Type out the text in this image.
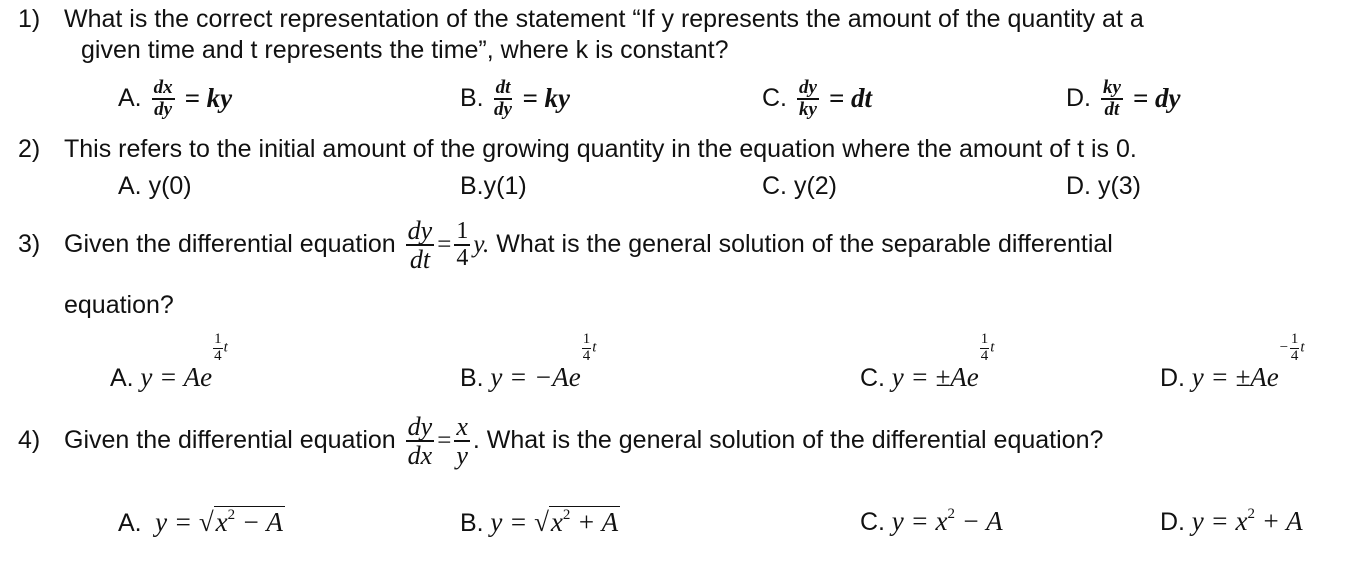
1) What is the correct representation of the statement “If y represents the amount of the quantity at a
given time and t represents the time”, where k is constant?
A. $\frac{dx}{dy}$ = ky	B. $\frac{dt}{dy}$ = ky	C. $\frac{dy}{ky}$ = dt	D. $\frac{ky}{dt}$ = dy
2) This refers to the initial amount of the growing quantity in the equation where the amount of t is 0.
A. y(0)	B.y(1)	C. y(2)	D. y(3)
3) Given the differential equation $\frac{dy}{dt} = \frac{1}{4} y$. What is the general solution of the separable differential
equation?
A. y = Ae
$\frac{1}{4}$ t
B. y = −Ae
$\frac{1}{4}$ t
C. y = ±Ae
$\frac{1}{4}$ t
D. y = ±Ae
− $\frac{1}{4}$ t
4) Given the differential equation $\frac{dy}{dx} = \frac{x}{y}$ . What is the general solution of the differential equation?
A. $y = √x^2 - A$	B. $y = √x^2 + A$	C. $y = x^2 - A$	D. $y = x^2 + A$
